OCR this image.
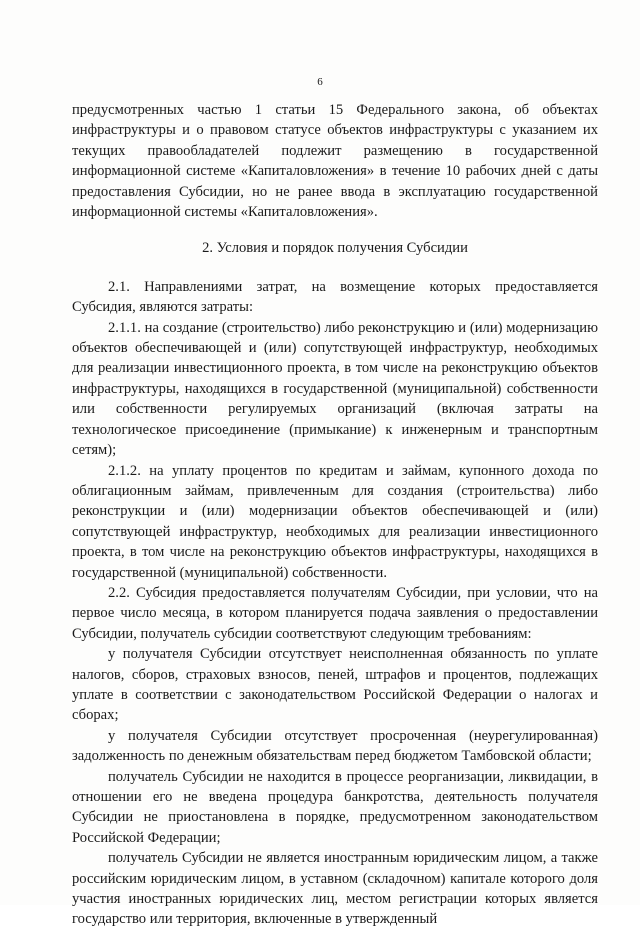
6

предусмотренных частью 1 статьи 15 Федерального закона, об объектах инфраструктуры и о правовом статусе объектов инфраструктуры с указанием их текущих правообладателей подлежит размещению в государственной информационной системе «Капиталовложения» в течение 10 рабочих дней с даты предоставления Субсидии, но не ранее ввода в эксплуатацию государственной информационной системы «Капиталовложения».

2. Условия и порядок получения Субсидии

2.1. Направлениями затрат, на возмещение которых предоставляется Субсидия, являются затраты:

2.1.1. на создание (строительство) либо реконструкцию и (или) модернизацию объектов обеспечивающей и (или) сопутствующей инфраструктур, необходимых для реализации инвестиционного проекта, в том числе на реконструкцию объектов инфраструктуры, находящихся в государственной (муниципальной) собственности или собственности регулируемых организаций (включая затраты на технологическое присоединение (примыкание) к инженерным и транспортным сетям);

2.1.2. на уплату процентов по кредитам и займам, купонного дохода по облигационным займам, привлеченным для создания (строительства) либо реконструкции и (или) модернизации объектов обеспечивающей и (или) сопутствующей инфраструктур, необходимых для реализации инвестиционного проекта, в том числе на реконструкцию объектов инфраструктуры, находящихся в государственной (муниципальной) собственности.

2.2. Субсидия предоставляется получателям Субсидии, при условии, что на первое число месяца, в котором планируется подача заявления о предоставлении Субсидии, получатель субсидии соответствуют следующим требованиям:

у получателя Субсидии отсутствует неисполненная обязанность по уплате налогов, сборов, страховых взносов, пеней, штрафов и процентов, подлежащих уплате в соответствии с законодательством Российской Федерации о налогах и сборах;

у получателя Субсидии отсутствует просроченная (неурегулированная) задолженность по денежным обязательствам перед бюджетом Тамбовской области;

получатель Субсидии не находится в процессе реорганизации, ликвидации, в отношении его не введена процедура банкротства, деятельность получателя Субсидии не приостановлена в порядке, предусмотренном законодательством Российской Федерации;

получатель Субсидии не является иностранным юридическим лицом, а также российским юридическим лицом, в уставном (складочном) капитале которого доля участия иностранных юридических лиц, местом регистрации которых является государство или территория, включенные в утвержденный
